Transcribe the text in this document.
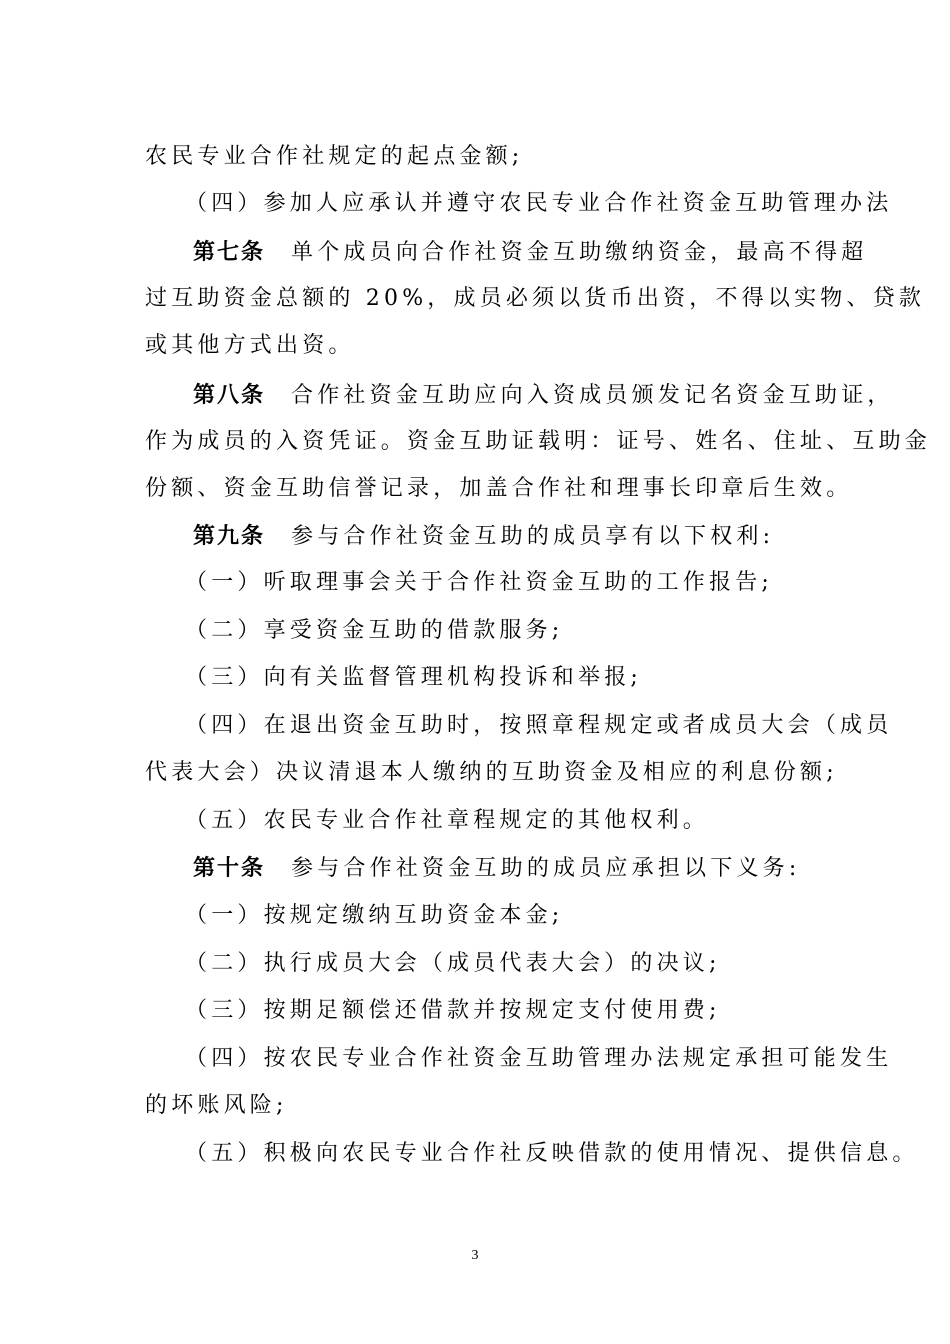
农民专业合作社规定的起点金额;
（四）参加人应承认并遵守农民专业合作社资金互助管理办法
第七条 单个成员向合作社资金互助缴纳资金，最高不得超
过互助资金总额的 20%，成员必须以货币出资，不得以实物、贷款
或其他方式出资。
第八条 合作社资金互助应向入资成员颁发记名资金互助证，
作为成员的入资凭证。资金互助证载明：证号、姓名、住址、互助金
份额、资金互助信誉记录，加盖合作社和理事长印章后生效。
第九条 参与合作社资金互助的成员享有以下权利:
（一）听取理事会关于合作社资金互助的工作报告;
（二）享受资金互助的借款服务;
（三）向有关监督管理机构投诉和举报;
（四）在退出资金互助时，按照章程规定或者成员大会（成员
代表大会）决议清退本人缴纳的互助资金及相应的利息份额;
（五）农民专业合作社章程规定的其他权利。
第十条 参与合作社资金互助的成员应承担以下义务:
（一）按规定缴纳互助资金本金;
（二）执行成员大会（成员代表大会）的决议;
（三）按期足额偿还借款并按规定支付使用费;
（四）按农民专业合作社资金互助管理办法规定承担可能发生
的坏账风险;
（五）积极向农民专业合作社反映借款的使用情况、提供信息。
3
